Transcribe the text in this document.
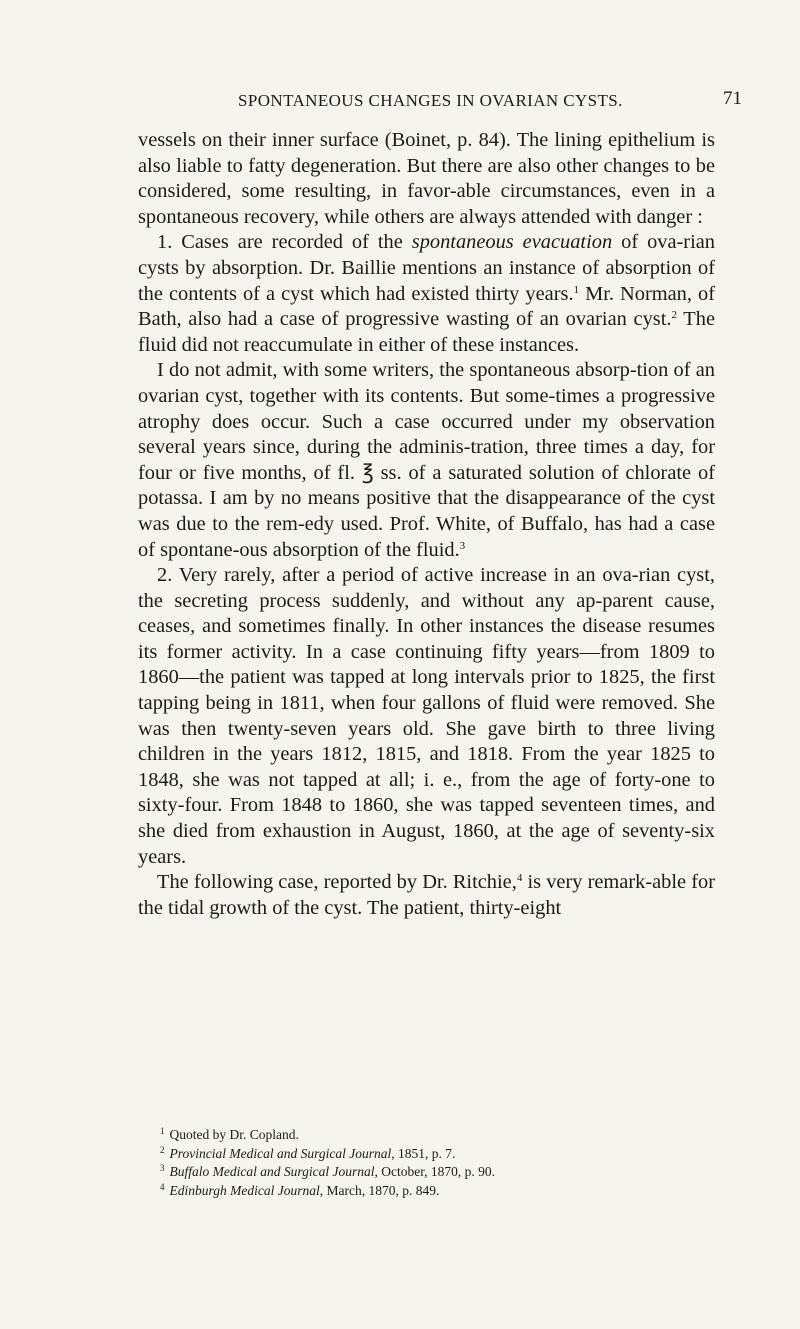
SPONTANEOUS CHANGES IN OVARIAN CYSTS.	71

vessels on their inner surface (Boinet, p. 84). The lining epithelium is also liable to fatty degeneration. But there are also other changes to be considered, some resulting, in favor-able circumstances, even in a spontaneous recovery, while others are always attended with danger :

1. Cases are recorded of the spontaneous evacuation of ova-rian cysts by absorption. Dr. Baillie mentions an instance of absorption of the contents of a cyst which had existed thirty years.$^1$ Mr. Norman, of Bath, also had a case of progressive wasting of an ovarian cyst.$^2$ The fluid did not reaccumulate in either of these instances.

I do not admit, with some writers, the spontaneous absorp-tion of an ovarian cyst, together with its contents. But some-times a progressive atrophy does occur. Such a case occurred under my observation several years since, during the adminis-tration, three times a day, for four or five months, of fl. ℥ ss. of a saturated solution of chlorate of potassa. I am by no means positive that the disappearance of the cyst was due to the rem-edy used. Prof. White, of Buffalo, has had a case of spontane-ous absorption of the fluid.$^3$

2. Very rarely, after a period of active increase in an ova-rian cyst, the secreting process suddenly, and without any ap-parent cause, ceases, and sometimes finally. In other instances the disease resumes its former activity. In a case continuing fifty years—from 1809 to 1860—the patient was tapped at long intervals prior to 1825, the first tapping being in 1811, when four gallons of fluid were removed. She was then twenty-seven years old. She gave birth to three living children in the years 1812, 1815, and 1818. From the year 1825 to 1848, she was not tapped at all; i. e., from the age of forty-one to sixty-four. From 1848 to 1860, she was tapped seventeen times, and she died from exhaustion in August, 1860, at the age of seventy-six years.

The following case, reported by Dr. Ritchie,$^4$ is very remark-able for the tidal growth of the cyst. The patient, thirty-eight

$^1$ Quoted by Dr. Copland.
$^2$ Provincial Medical and Surgical Journal, 1851, p. 7.
$^3$ Buffalo Medical and Surgical Journal, October, 1870, p. 90.
$^4$ Edinburgh Medical Journal, March, 1870, p. 849.
